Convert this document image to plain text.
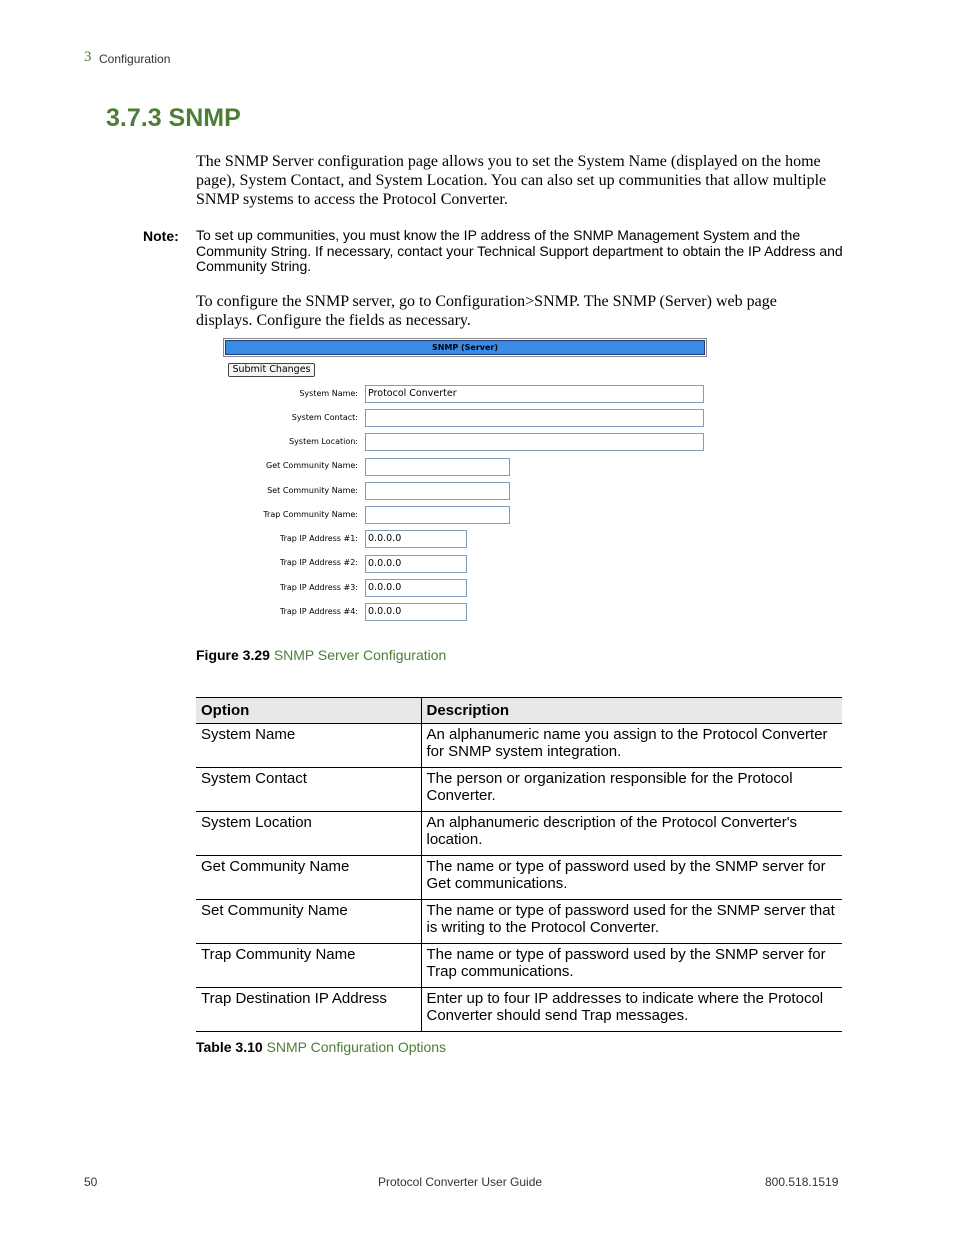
3 Configuration
3.7.3 SNMP

The SNMP Server configuration page allows you to set the System Name (displayed on the home page), System Contact, and System Location. You can also set up communities that allow multiple SNMP systems to access the Protocol Converter.

Note: To set up communities, you must know the IP address of the SNMP Management System and the Community String. If necessary, contact your Technical Support department to obtain the IP Address and Community String.

To configure the SNMP server, go to Configuration>SNMP. The SNMP (Server) web page displays. Configure the fields as necessary.

SNMP (Server)
Submit Changes
System Name:	Protocol Converter
System Contact:
System Location:
Get Community Name:
Set Community Name:
Trap Community Name:
Trap IP Address #1:	0.0.0.0
Trap IP Address #2:	0.0.0.0
Trap IP Address #3:	0.0.0.0
Trap IP Address #4:	0.0.0.0
Figure 3.29 SNMP Server Configuration
Option	Description
System Name	An alphanumeric name you assign to the Protocol Converter for SNMP system integration.
System Contact	The person or organization responsible for the Protocol Converter.
System Location	An alphanumeric description of the Protocol Converter's location.
Get Community Name	The name or type of password used by the SNMP server for Get communications.
Set Community Name	The name or type of password used for the SNMP server that is writing to the Protocol Converter.
Trap Community Name	The name or type of password used by the SNMP server for Trap communications.
Trap Destination IP Address	Enter up to four IP addresses to indicate where the Protocol Converter should send Trap messages.
Table 3.10 SNMP Configuration Options
50	Protocol Converter User Guide	800.518.1519
